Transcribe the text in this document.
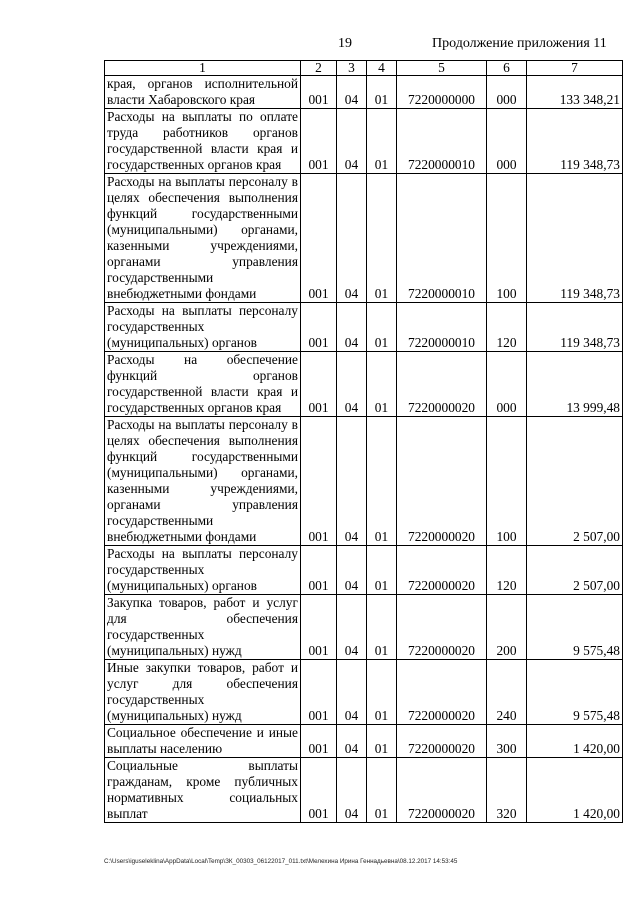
19	Продолжение приложения 11
1	2	3	4	5	6	7
края, органов исполнительной власти Хабаровского края	001	04	01	7220000000	000	133 348,21
Расходы на выплаты по оплате труда работников органов государственной власти края и государственных органов края	001	04	01	7220000010	000	119 348,73
Расходы на выплаты персоналу в целях обеспечения выполнения функций государственными (муниципальными) органами, казенными учреждениями, органами управления государственными внебюджетными фондами	001	04	01	7220000010	100	119 348,73
Расходы на выплаты персоналу государственных (муниципальных) органов	001	04	01	7220000010	120	119 348,73
Расходы на обеспечение функций органов государственной власти края и государственных органов края	001	04	01	7220000020	000	13 999,48
Расходы на выплаты персоналу в целях обеспечения выполнения функций государственными (муниципальными) органами, казенными учреждениями, органами управления государственными внебюджетными фондами	001	04	01	7220000020	100	2 507,00
Расходы на выплаты персоналу государственных (муниципальных) органов	001	04	01	7220000020	120	2 507,00
Закупка товаров, работ и услуг для обеспечения государственных (муниципальных) нужд	001	04	01	7220000020	200	9 575,48
Иные закупки товаров, работ и услуг для обеспечения государственных (муниципальных) нужд	001	04	01	7220000020	240	9 575,48
Социальное обеспечение и иные выплаты населению	001	04	01	7220000020	300	1 420,00
Социальные выплаты гражданам, кроме публичных нормативных социальных выплат	001	04	01	7220000020	320	1 420,00
C:\Users\iguseleklina\AppData\Local\Temp\ЗК_00303_06122017_011.txt\Мелехина Ирина Геннадьевна\08.12.2017 14:53:45
